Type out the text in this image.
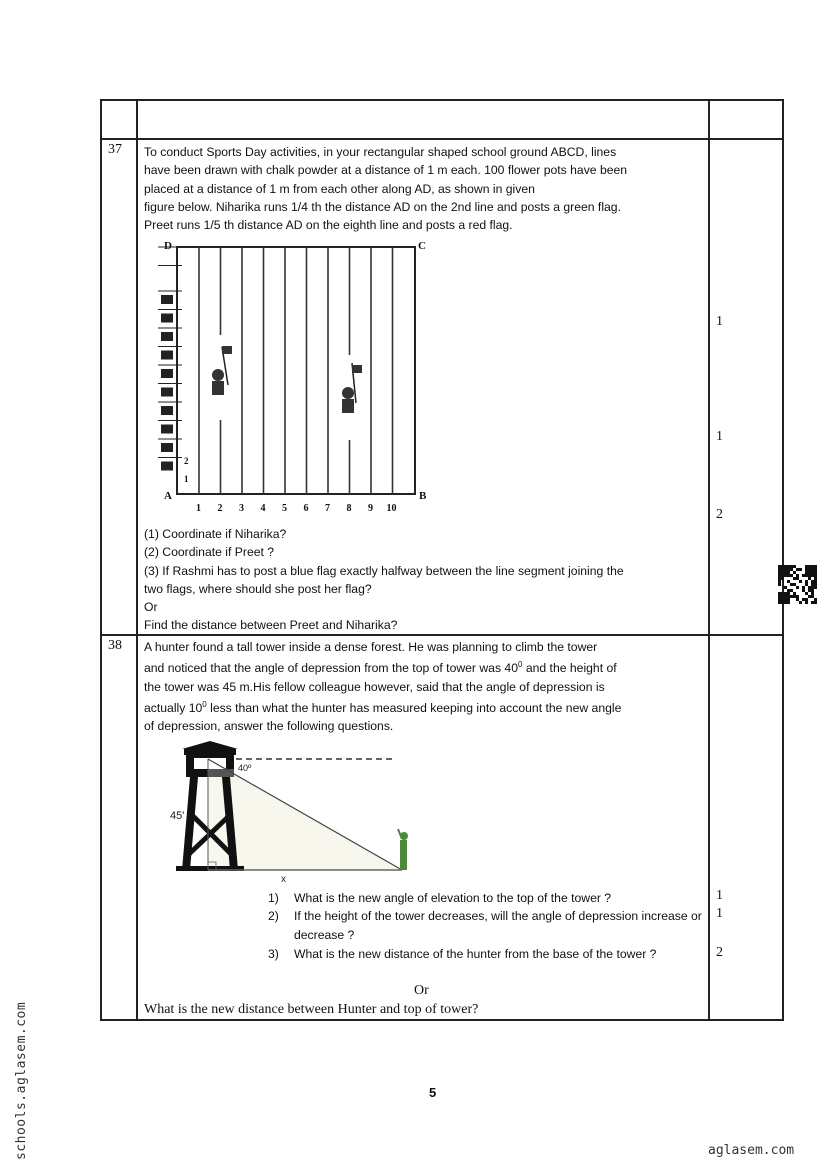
37 To conduct Sports Day activities, in your rectangular shaped school ground ABCD, lines

have been drawn with chalk powder at a distance of 1 m each. 100 flower pots have been

placed at a distance of 1 m from each other along AD, as shown in given

figure below. Niharika runs 1/4 th the distance AD on the 2nd line and posts a green flag.

Preet runs 1/5 th distance AD on the eighth line and posts a red flag.

D	C
A	B
1
2
1 2 3 4 5 6 7 8 9 10

(1) Coordinate if Niharika?

(2) Coordinate if Preet ?

(3) If Rashmi has to post a blue flag exactly halfway between the line segment joining the

two flags, where should she post her flag?

Or

Find the distance between Preet and Niharika?

1
1
2
38 A hunter found a tall tower inside a dense forest. He was planning to climb the tower

and noticed that the angle of depression from the top of tower was $40^0$ and the height of

the tower was 45 m.His fellow colleague however, said that the angle of depression is

actually $10^0$ less than what the hunter has measured keeping into account the new angle

of depression, answer the following questions.

40º
45'
x
1) What is the new angle of elevation to the top of the tower ?
2) If the height of the tower decreases, will the angle of depression increase or decrease ?
3) What is the new distance of the hunter from the base of the tower ?
Or
What is the new distance between Hunter and top of tower?
1
1
2
5
schools.aglasem.com	aglasem.com
